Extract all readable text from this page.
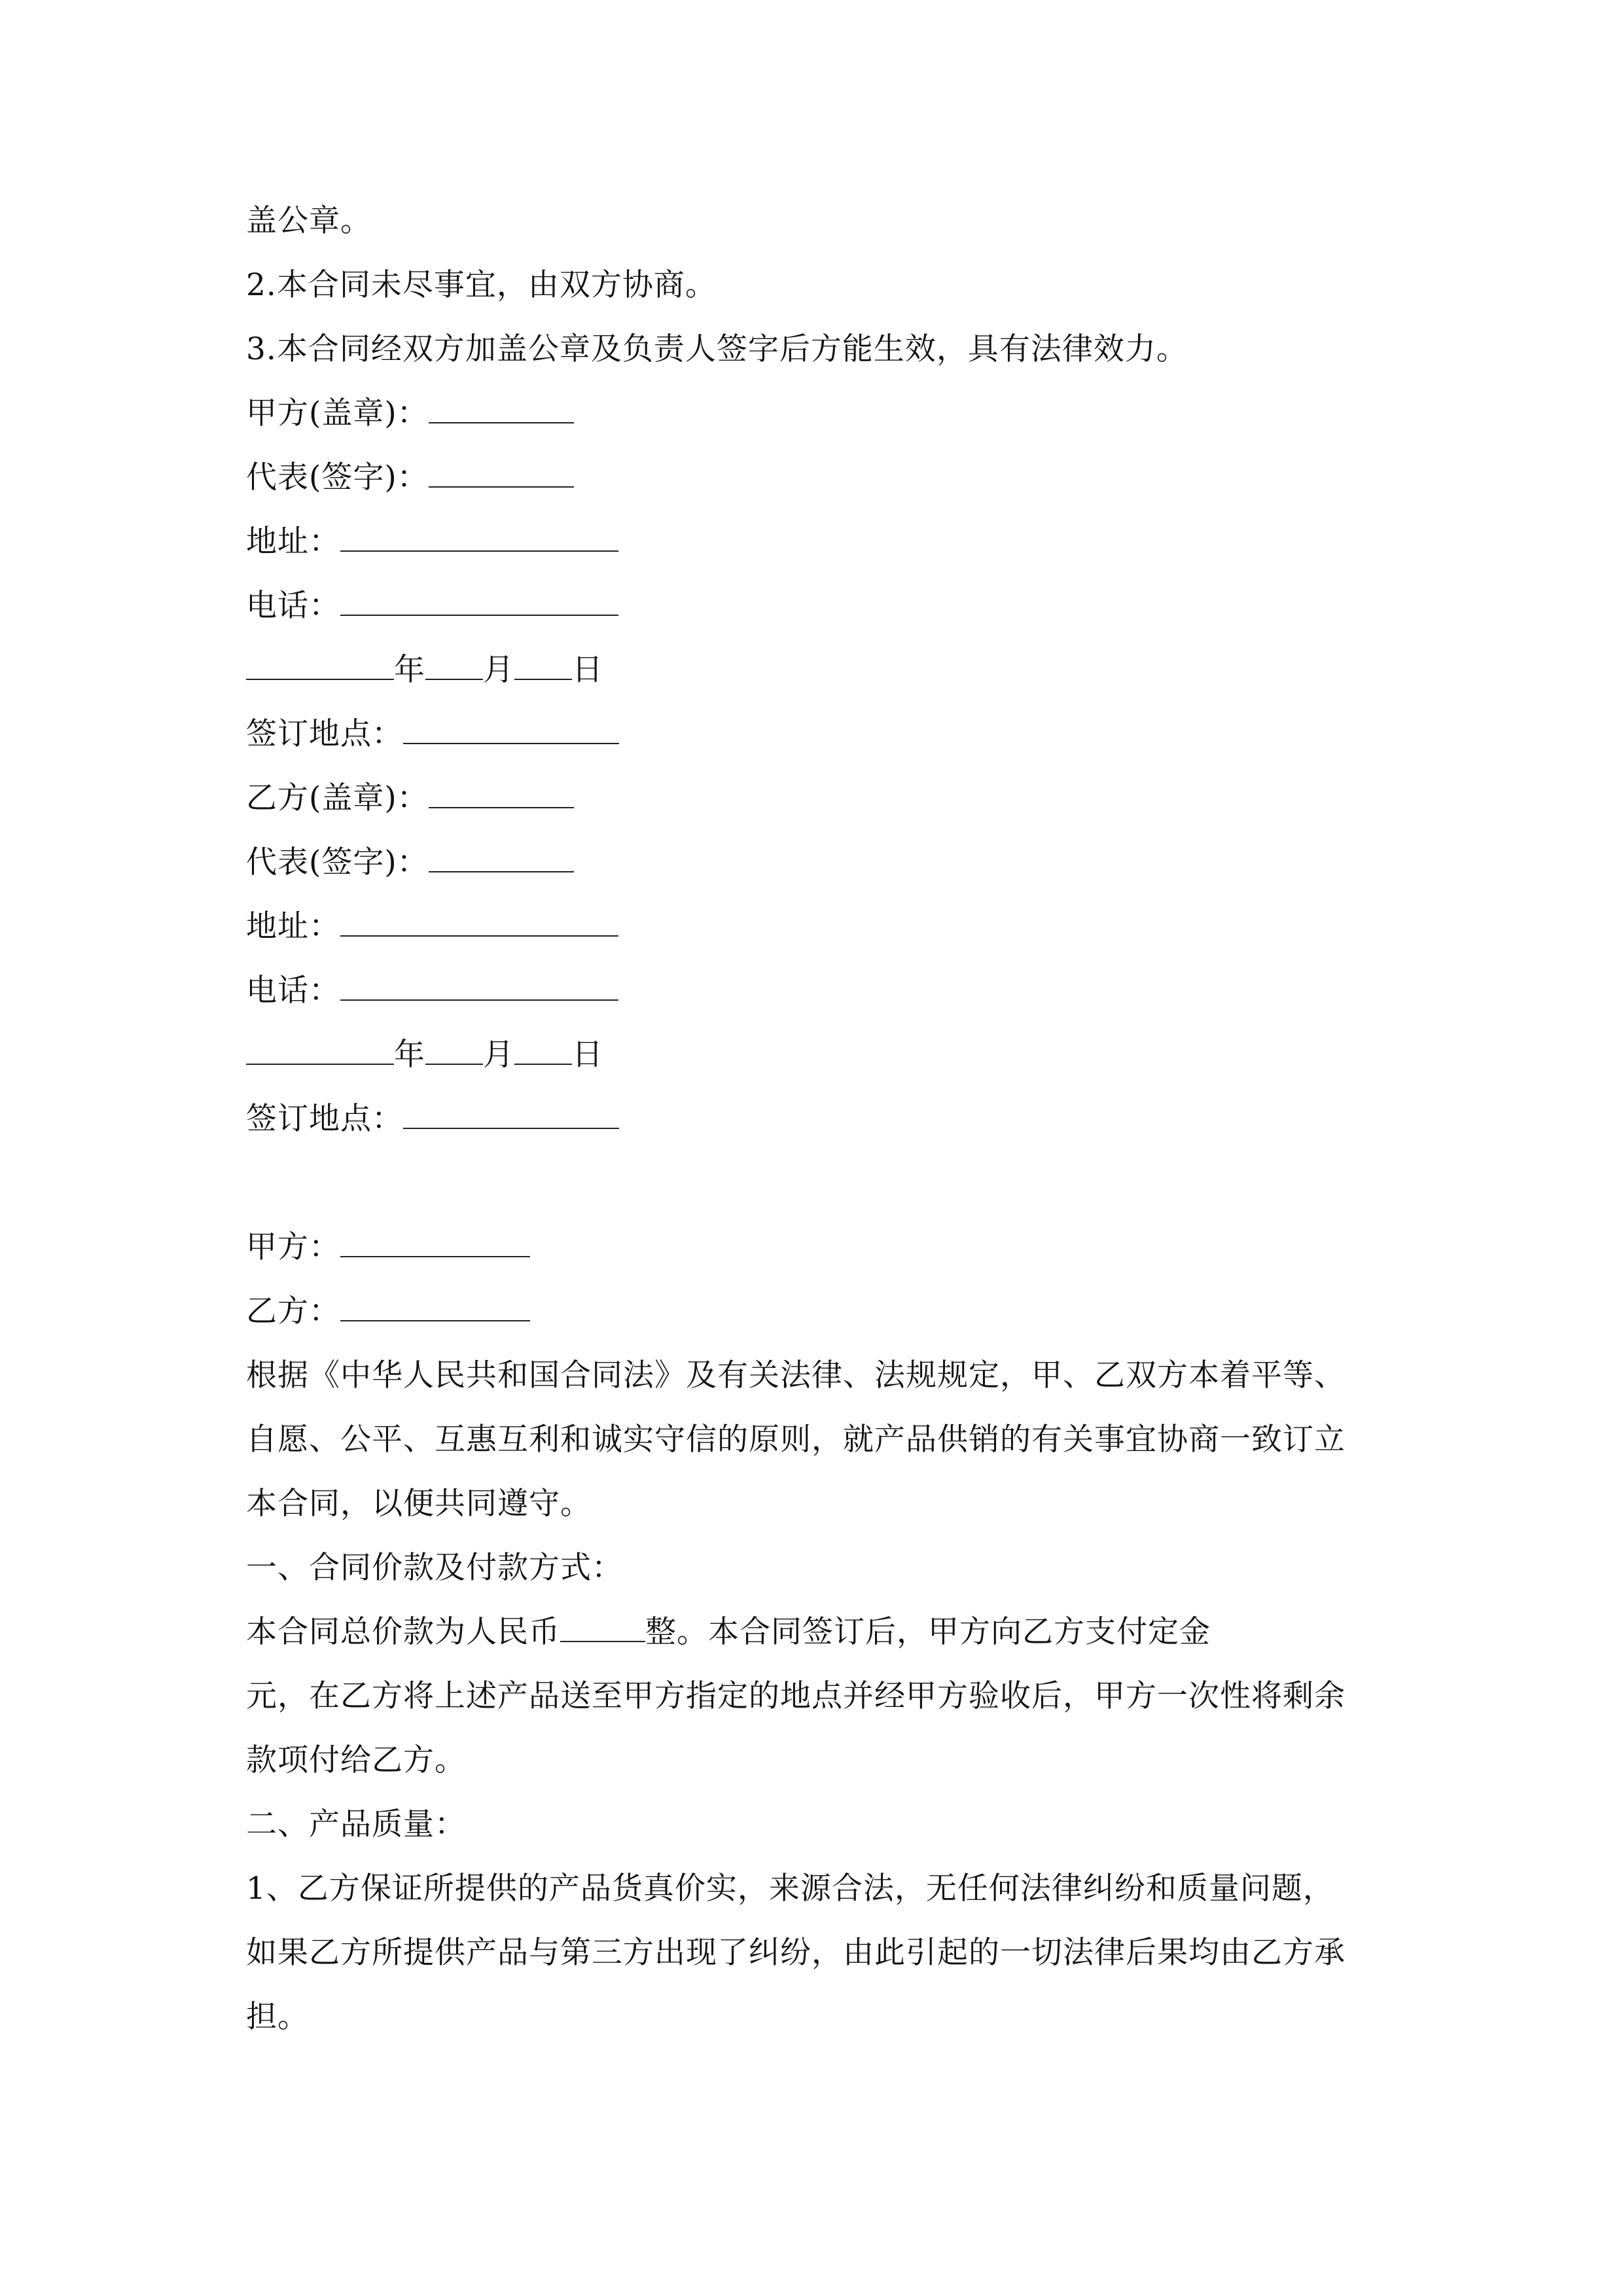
盖公章。
2.本合同未尽事宜，由双方协商。
3.本合同经双方加盖公章及负责人签字后方能生效，具有法律效力。
甲方(盖章)：
代表(签字)：
地址：
电话：
年 月 日
签订地点：
乙方(盖章)：
代表(签字)：
地址：
电话：
年 月 日
签订地点：
甲方：
乙方：
根据《中华人民共和国合同法》及有关法律、法规规定，甲、乙双方本着平等、
自愿、公平、互惠互利和诚实守信的原则，就产品供销的有关事宜协商一致订立
本合同，以便共同遵守。
一、合同价款及付款方式：
本合同总价款为人民币	整。本合同签订后，甲方向乙方支付定金
元，在乙方将上述产品送至甲方指定的地点并经甲方验收后，甲方一次性将剩余
款项付给乙方。
二、产品质量：
1、乙方保证所提供的产品货真价实，来源合法，无任何法律纠纷和质量问题，
如果乙方所提供产品与第三方出现了纠纷，由此引起的一切法律后果均由乙方承
担。
